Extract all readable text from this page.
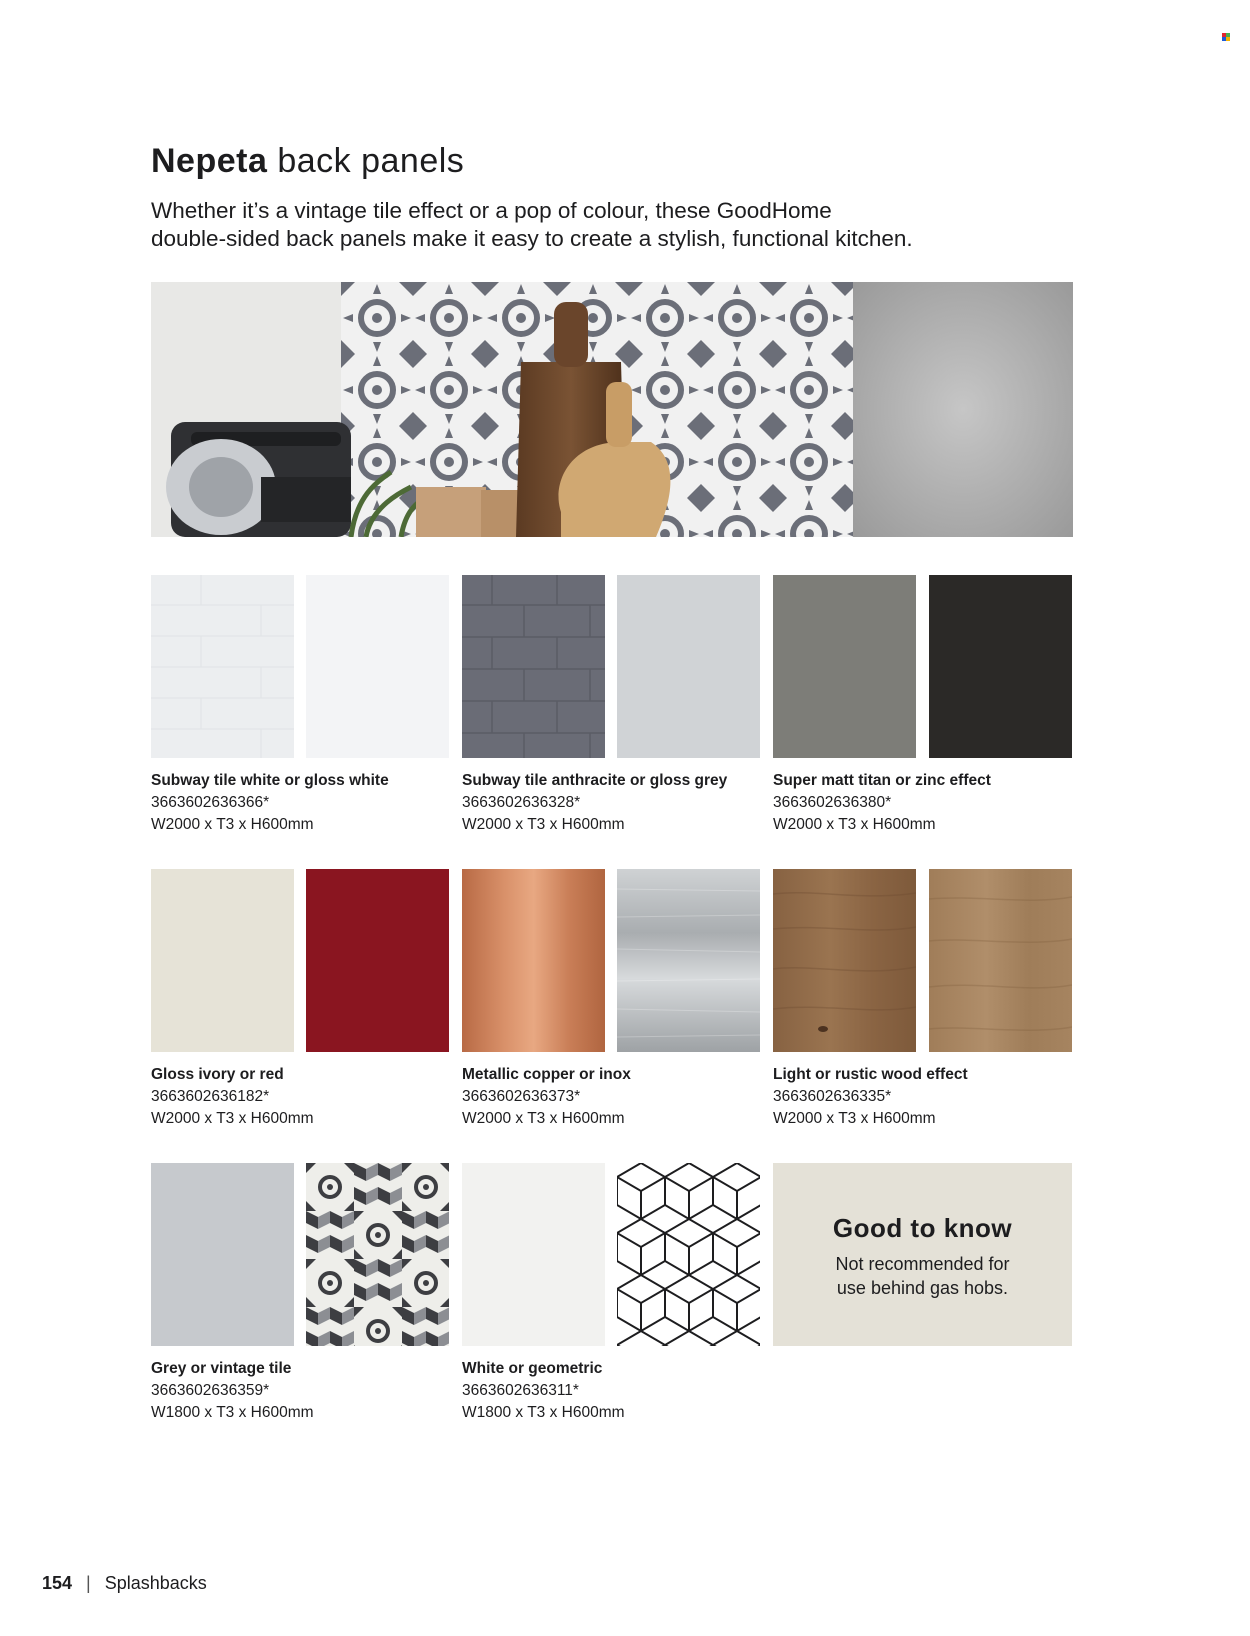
Nepeta back panels

Whether it’s a vintage tile effect or a pop of colour, these GoodHome
double-sided back panels make it easy to create a stylish, functional kitchen.

Subway tile white or gloss white
3663602636366*
W2000 x T3 x H600mm
Subway tile anthracite or gloss grey
3663602636328*
W2000 x T3 x H600mm
Super matt titan or zinc effect
3663602636380*
W2000 x T3 x H600mm
Gloss ivory or red
3663602636182*
W2000 x T3 x H600mm
Metallic copper or inox
3663602636373*
W2000 x T3 x H600mm
Light or rustic wood effect
3663602636335*
W2000 x T3 x H600mm
Good to know

Not recommended for
use behind gas hobs.

Grey or vintage tile
3663602636359*
W1800 x T3 x H600mm
White or geometric
3663602636311*
W1800 x T3 x H600mm
154 | Splashbacks
